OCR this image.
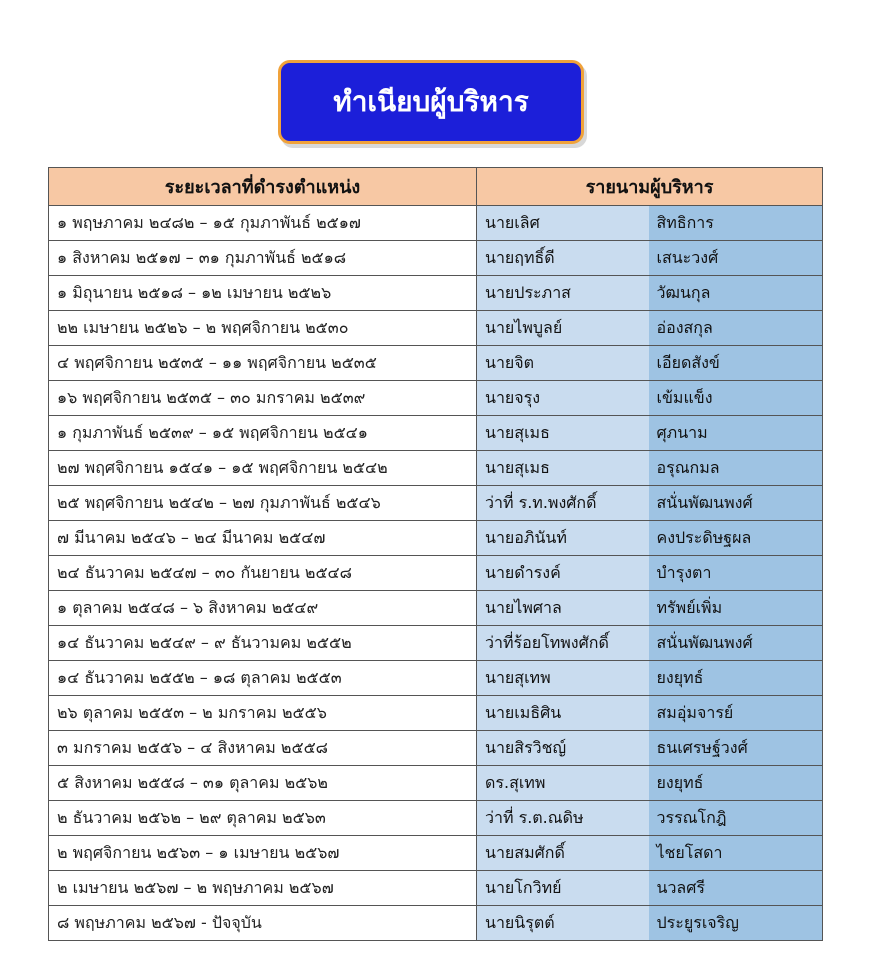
ทำเนียบผู้บริหาร
ระยะเวลาที่ดำรงตำแหน่ง	รายนามผู้บริหาร	
๑ พฤษภาคม ๒๔๘๒ – ๑๕ กุมภาพันธ์ ๒๕๑๗	นายเลิศ	สิทธิการ
๑ สิงหาคม ๒๕๑๗ – ๓๑ กุมภาพันธ์ ๒๕๑๘	นายฤทธิ์ดี	เสนะวงศ์
๑ มิถุนายน ๒๕๑๘ – ๑๒ เมษายน ๒๕๒๖	นายประภาส	วัฒนกุล
๒๒ เมษายน ๒๕๒๖ – ๒ พฤศจิกายน ๒๕๓๐	นายไพบูลย์	อ่องสกุล
๔ พฤศจิกายน ๒๕๓๕ – ๑๑ พฤศจิกายน ๒๕๓๕	นายจิต	เอียดสังข์
๑๖ พฤศจิกายน ๒๕๓๕ – ๓๐ มกราคม ๒๕๓๙	นายจรุง	เข้มแข็ง
๑ กุมภาพันธ์ ๒๕๓๙ – ๑๕ พฤศจิกายน ๒๕๔๑	นายสุเมธ	ศุภนาม
๒๗ พฤศจิกายน ๑๕๔๑ – ๑๕ พฤศจิกายน ๒๕๔๒	นายสุเมธ	อรุณกมล
๒๕ พฤศจิกายน ๒๕๔๒ – ๒๗ กุมภาพันธ์ ๒๕๔๖	ว่าที่ ร.ท.พงศักดิ์	สนั่นพัฒนพงศ์
๗ มีนาคม ๒๕๔๖ – ๒๔ มีนาคม ๒๕๔๗	นายอภินันท์	คงประดิษฐผล
๒๔ ธันวาคม ๒๕๔๗ – ๓๐ กันยายน ๒๕๔๘	นายดำรงค์	บำรุงตา
๑ ตุลาคม ๒๕๔๘ – ๖ สิงหาคม ๒๕๔๙	นายไพศาล	ทรัพย์เพิ่ม
๑๔ ธันวาคม ๒๕๔๙ – ๙ ธันวามคม ๒๕๕๒	ว่าที่ร้อยโทพงศักดิ์	สนั่นพัฒนพงศ์
๑๔ ธันวาคม ๒๕๕๒ – ๑๘ ตุลาคม ๒๕๕๓	นายสุเทพ	ยงยุทธ์
๒๖ ตุลาคม ๒๕๕๓ – ๒ มกราคม ๒๕๕๖	นายเมธิศิน	สมอุ่มจารย์
๓ มกราคม ๒๕๕๖ – ๔ สิงหาคม ๒๕๕๘	นายสิรวิชญ์	ธนเศรษฐ์วงศ์
๕ สิงหาคม ๒๕๕๘ – ๓๑ ตุลาคม ๒๕๖๒	ดร.สุเทพ	ยงยุทธ์
๒ ธันวาคม ๒๕๖๒ – ๒๙ ตุลาคม ๒๕๖๓	ว่าที่ ร.ต.ณดิษ	วรรณโกฎิ
๒ พฤศจิกายน ๒๕๖๓ – ๑ เมษายน ๒๕๖๗	นายสมศักดิ์	ไชยโสดา
๒ เมษายน ๒๕๖๗ – ๒ พฤษภาคม ๒๕๖๗	นายโกวิทย์	นวลศรี
๘ พฤษภาคม ๒๕๖๗ - ปัจจุบัน	นายนิรุตต์	ประยูรเจริญ
